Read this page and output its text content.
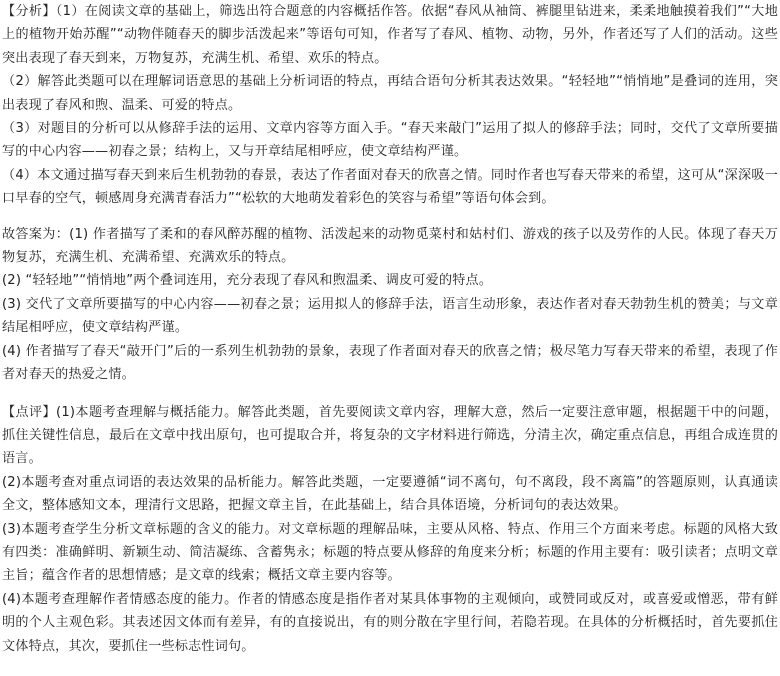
【分析】（1）在阅读文章的基础上，筛选出符合题意的内容概括作答。依据“春风从袖筒、裤腿里钻进来，柔柔地触摸着我们”“大地上的植物开始苏醒”“动物伴随春天的脚步活泼起来”等语句可知，作者写了春风、植物、动物，另外，作者还写了人们的活动。这些突出表现了春天到来，万物复苏，充满生机、希望、欢乐的特点。

（2）解答此类题可以在理解词语意思的基础上分析词语的特点，再结合语句分析其表达效果。“轻轻地”“悄悄地”是叠词的连用，突出表现了春风和煦、温柔、可爱的特点。

（3）对题目的分析可以从修辞手法的运用、文章内容等方面入手。“春天来敲门”运用了拟人的修辞手法；同时，交代了文章所要描写的中心内容——初春之景；结构上，又与开章结尾相呼应，使文章结构严谨。

（4）本文通过描写春天到来后生机勃勃的春景，表达了作者面对春天的欣喜之情。同时作者也写春天带来的希望，这可从“深深吸一口早春的空气，顿感周身充满青春活力”“松软的大地萌发着彩色的笑容与希望”等语句体会到。

故答案为：(1) 作者描写了柔和的春风醉苏醒的植物、活泼起来的动物觅菜村和姑村们、游戏的孩子以及劳作的人民。体现了春天万物复苏，充满生机、充满希望、充满欢乐的特点。

(2) “轻轻地”“悄悄地”两个叠词连用，充分表现了春风和煦温柔、调皮可爱的特点。

(3) 交代了文章所要描写的中心内容——初春之景；运用拟人的修辞手法，语言生动形象，表达作者对春天勃勃生机的赞美；与文章结尾相呼应，使文章结构严谨。

(4) 作者描写了春天“敲开门”后的一系列生机勃勃的景象，表现了作者面对春天的欣喜之情；极尽笔力写春天带来的希望，表现了作者对春天的热爱之情。

【点评】(1)本题考查理解与概括能力。解答此类题，首先要阅读文章内容，理解大意，然后一定要注意审题，根据题干中的问题，抓住关键性信息，最后在文章中找出原句，也可提取合并，将复杂的文字材料进行筛选，分清主次，确定重点信息，再组合成连贯的语言。

(2)本题考查对重点词语的表达效果的品析能力。解答此类题，一定要遵循“词不离句，句不离段，段不离篇”的答题原则，认真通读全文，整体感知文本，理清行文思路，把握文章主旨，在此基础上，结合具体语境，分析词句的表达效果。

(3)本题考查学生分析文章标题的含义的能力。对文章标题的理解品味，主要从风格、特点、作用三个方面来考虑。标题的风格大致有四类：准确鲜明、新颖生动、简洁凝练、含蓄隽永；标题的特点要从修辞的角度来分析；标题的作用主要有：吸引读者；点明文章主旨；蕴含作者的思想情感；是文章的线索；概括文章主要内容等。

(4)本题考查理解作者情感态度的能力。作者的情感态度是指作者对某具体事物的主观倾向，或赞同或反对，或喜爱或憎恶，带有鲜明的个人主观色彩。其表述因文体而有差异，有的直接说出，有的则分散在字里行间，若隐若现。在具体的分析概括时，首先要抓住文体特点，其次，要抓住一些标志性词句。
